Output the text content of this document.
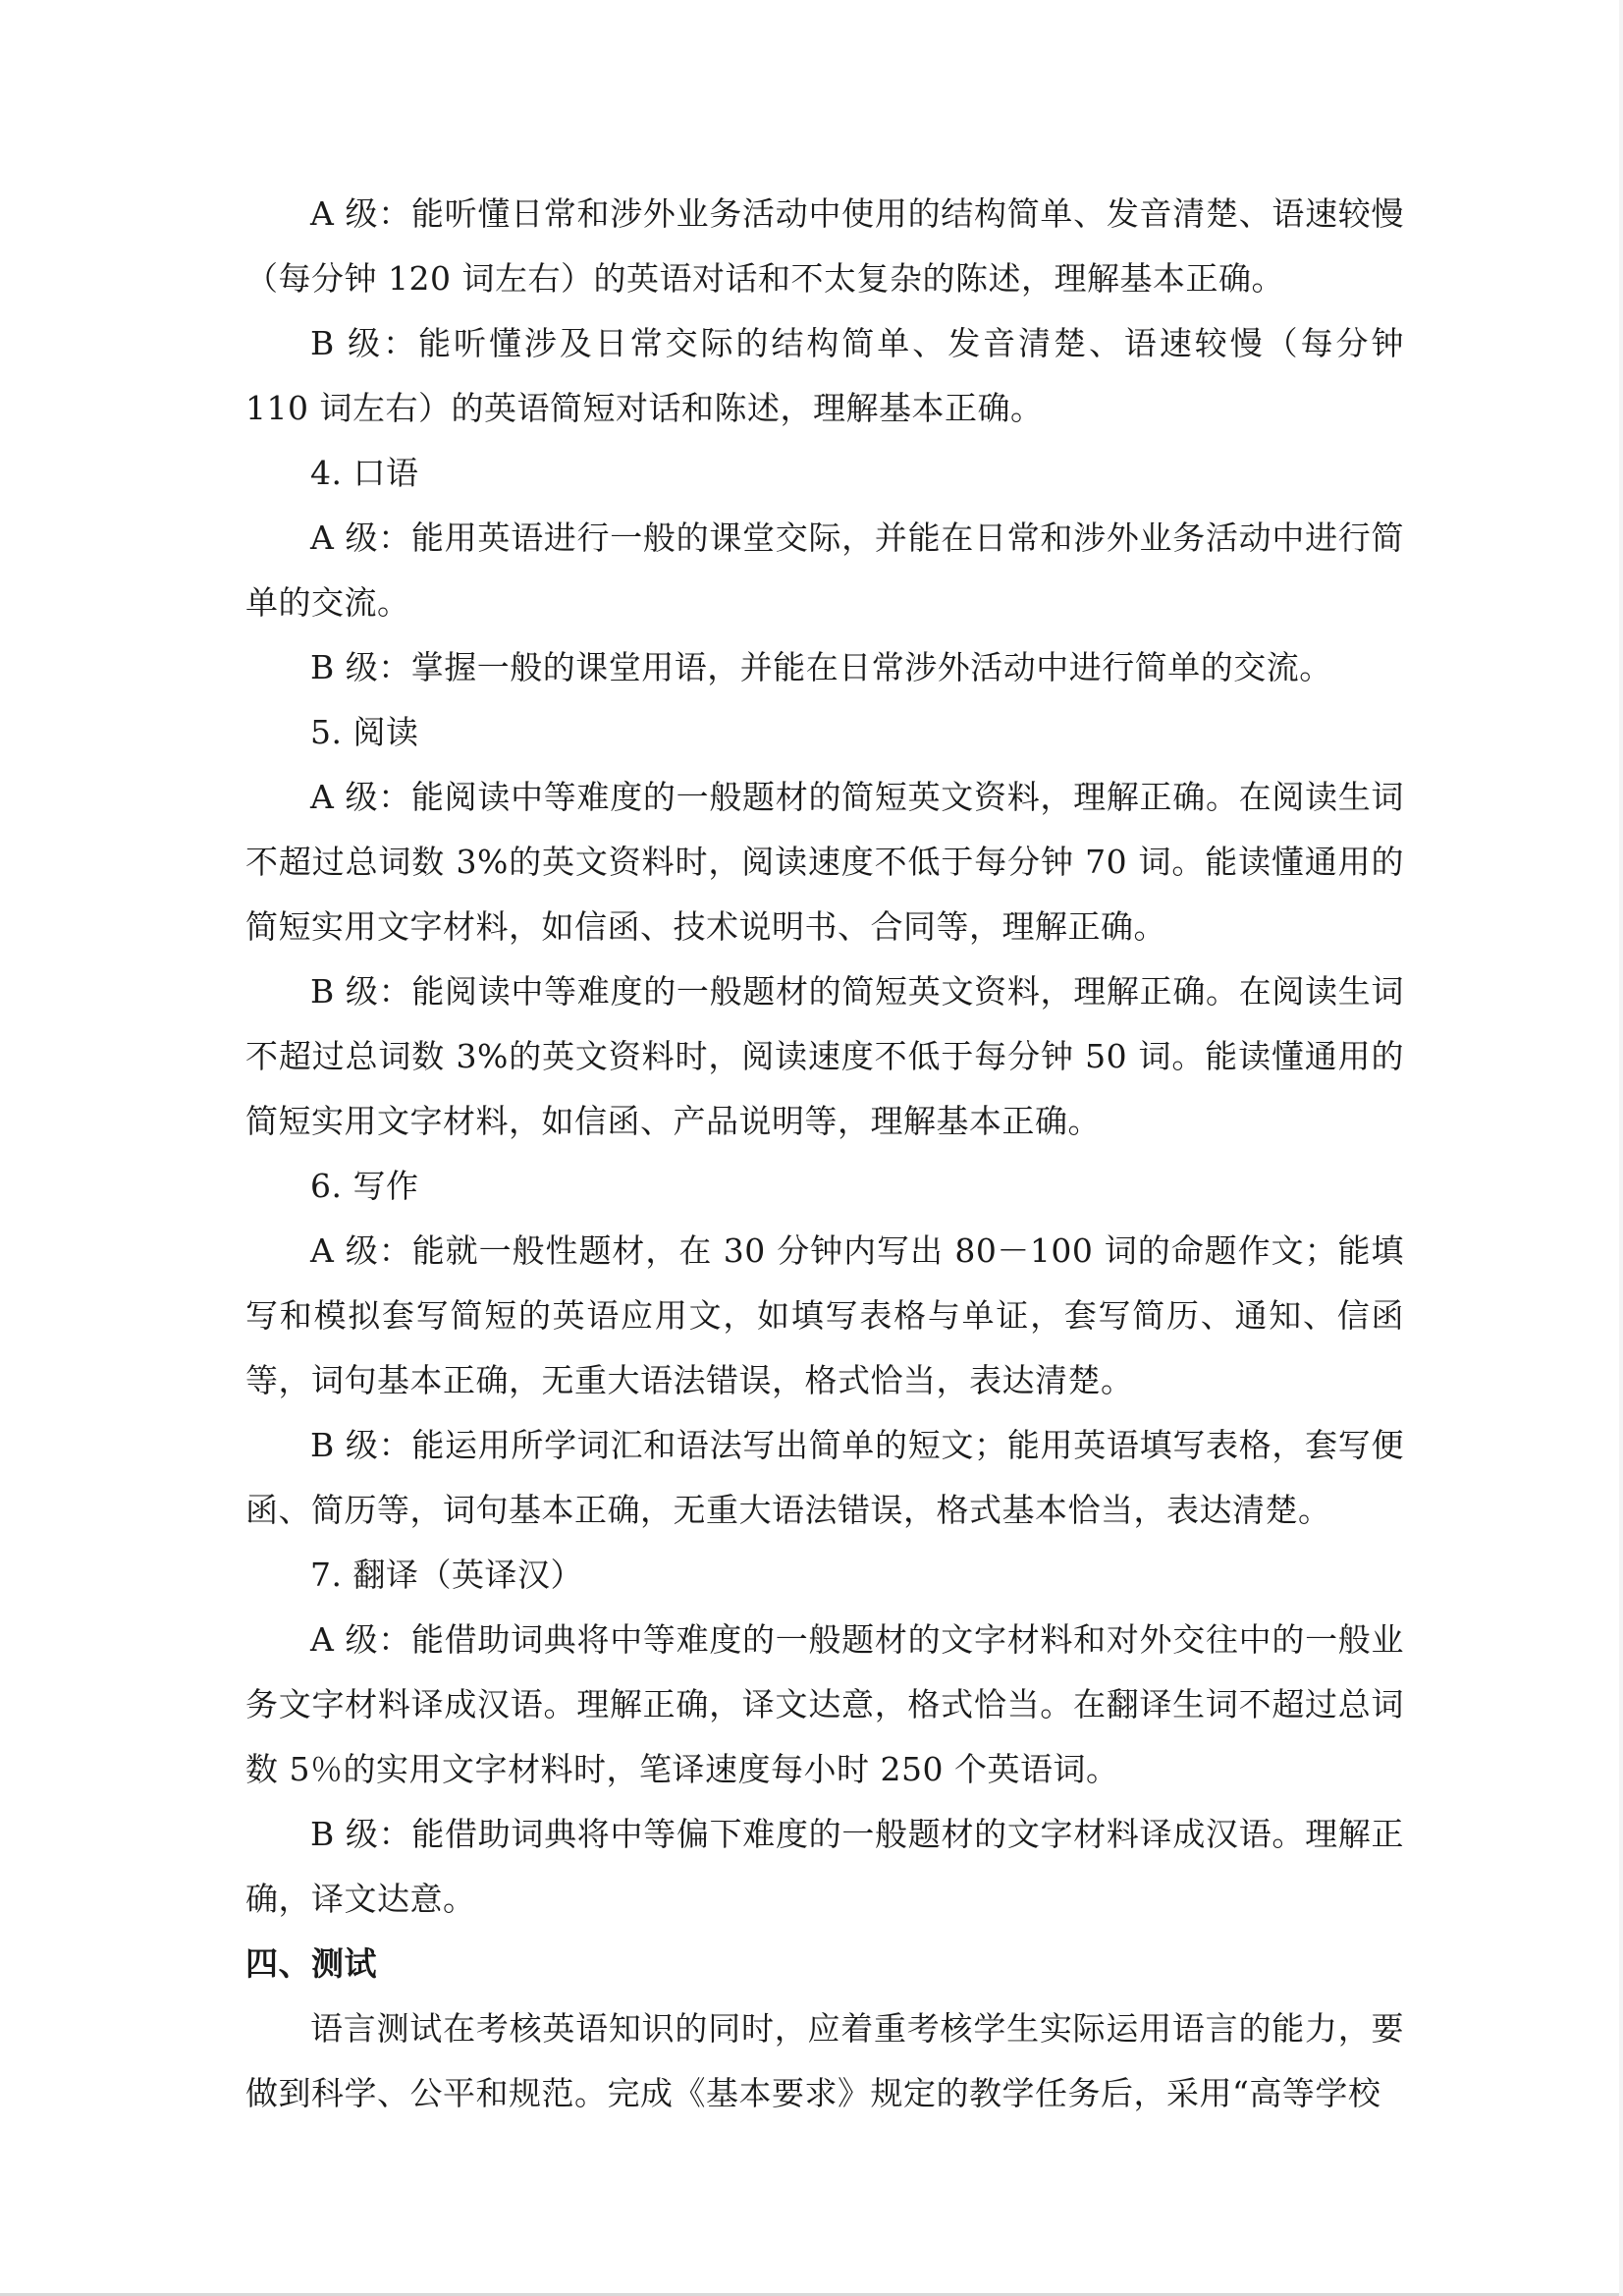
A 级：能听懂日常和涉外业务活动中使用的结构简单、发音清楚、语速较慢（每分钟 120 词左右）的英语对话和不太复杂的陈述，理解基本正确。

B 级：能听懂涉及日常交际的结构简单、发音清楚、语速较慢（每分钟 110 词左右）的英语简短对话和陈述，理解基本正确。

4. 口语

A 级：能用英语进行一般的课堂交际，并能在日常和涉外业务活动中进行简单的交流。

B 级：掌握一般的课堂用语，并能在日常涉外活动中进行简单的交流。

5. 阅读

A 级：能阅读中等难度的一般题材的简短英文资料，理解正确。在阅读生词不超过总词数 3%的英文资料时，阅读速度不低于每分钟 70 词。能读懂通用的简短实用文字材料，如信函、技术说明书、合同等，理解正确。

B 级：能阅读中等难度的一般题材的简短英文资料，理解正确。在阅读生词不超过总词数 3%的英文资料时，阅读速度不低于每分钟 50 词。能读懂通用的简短实用文字材料，如信函、产品说明等，理解基本正确。

6. 写作

A 级：能就一般性题材，在 30 分钟内写出 80－100 词的命题作文；能填写和模拟套写简短的英语应用文，如填写表格与单证，套写简历、通知、信函等，词句基本正确，无重大语法错误，格式恰当，表达清楚。

B 级：能运用所学词汇和语法写出简单的短文；能用英语填写表格，套写便函、简历等，词句基本正确，无重大语法错误，格式基本恰当，表达清楚。

7. 翻译（英译汉）

A 级：能借助词典将中等难度的一般题材的文字材料和对外交往中的一般业务文字材料译成汉语。理解正确，译文达意，格式恰当。在翻译生词不超过总词数 5％的实用文字材料时，笔译速度每小时 250 个英语词。

B 级：能借助词典将中等偏下难度的一般题材的文字材料译成汉语。理解正确，译文达意。

四、测试

语言测试在考核英语知识的同时，应着重考核学生实际运用语言的能力，要做到科学、公平和规范。完成《基本要求》规定的教学任务后，采用“高等学校
